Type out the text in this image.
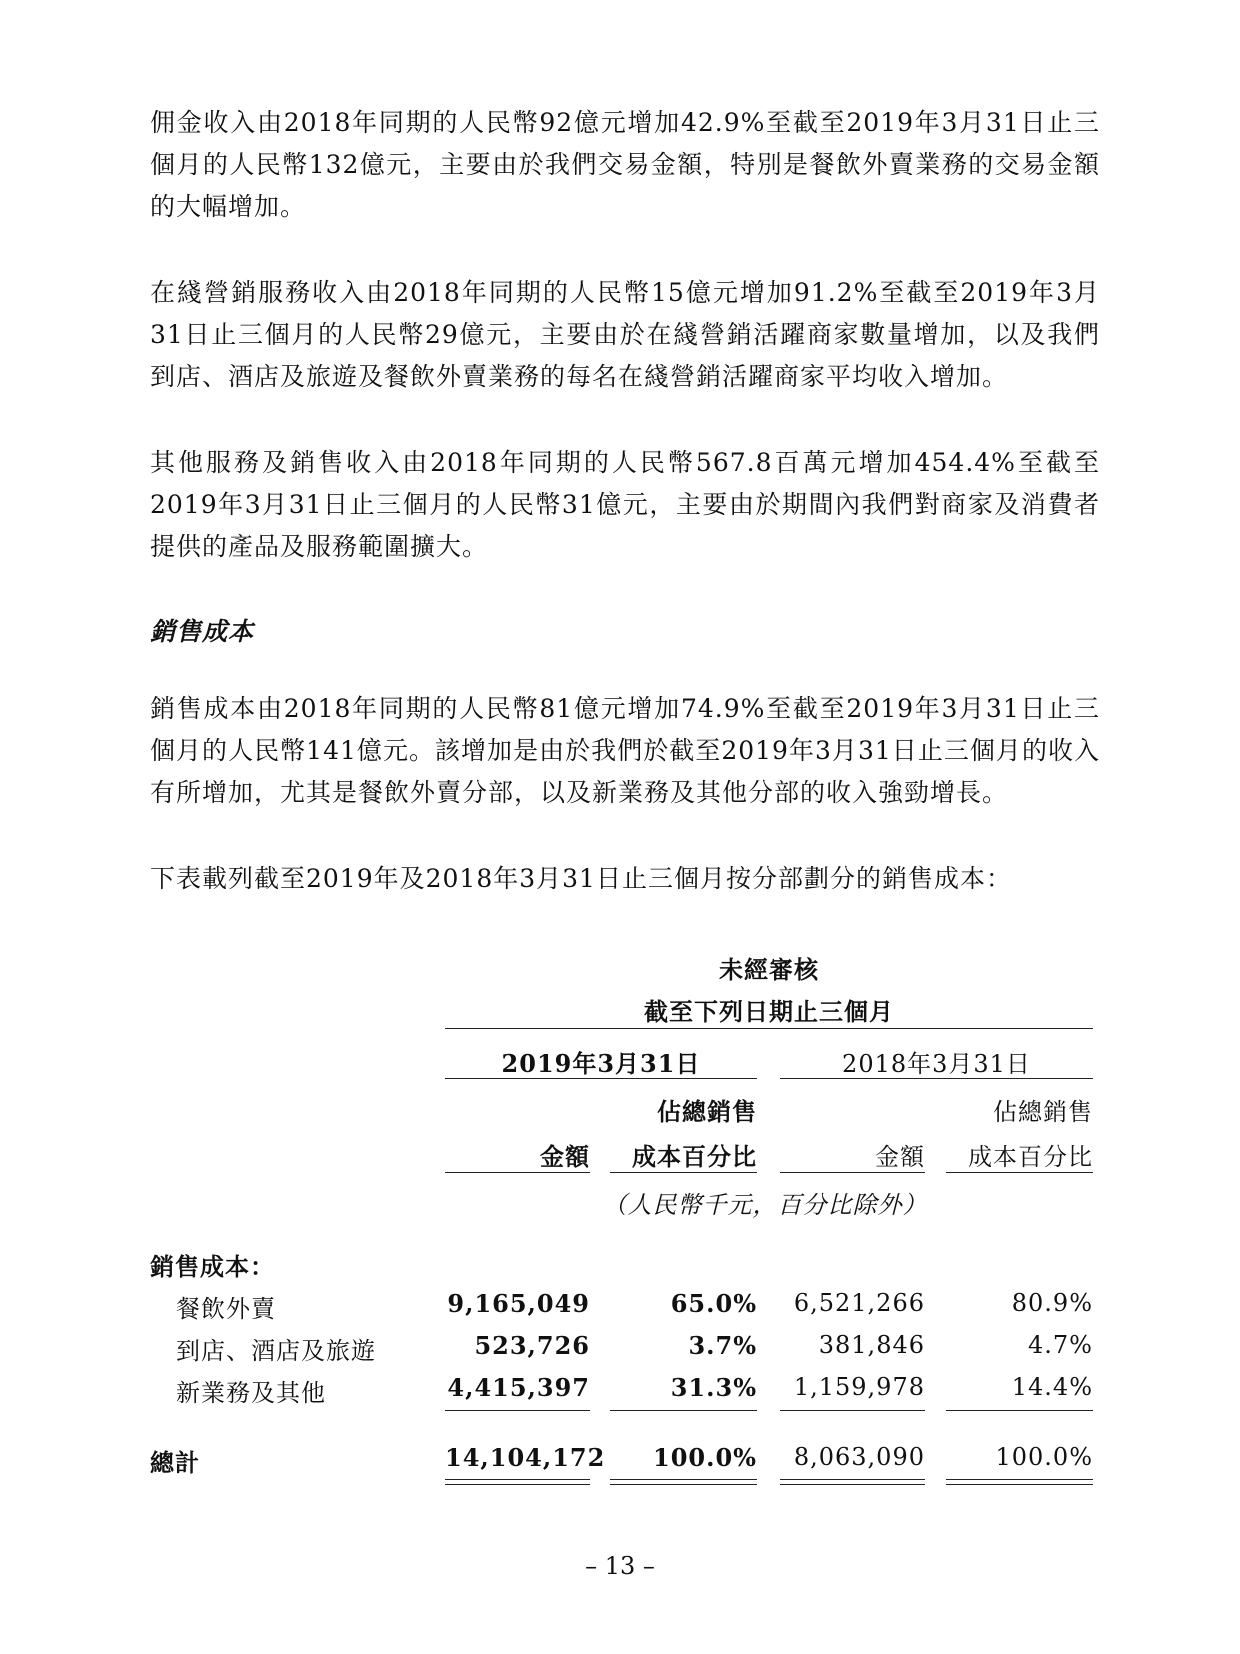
佣金收入由2018年同期的人民幣92億元增加42.9%至截至2019年3月31日止三個月的人民幣132億元，主要由於我們交易金額，特別是餐飲外賣業務的交易金額的大幅增加。

在綫營銷服務收入由2018年同期的人民幣15億元增加91.2%至截至2019年3月31日止三個月的人民幣29億元，主要由於在綫營銷活躍商家數量增加，以及我們到店、酒店及旅遊及餐飲外賣業務的每名在綫營銷活躍商家平均收入增加。

其他服務及銷售收入由2018年同期的人民幣567.8百萬元增加454.4%至截至2019年3月31日止三個月的人民幣31億元，主要由於期間內我們對商家及消費者提供的產品及服務範圍擴大。

銷售成本

銷售成本由2018年同期的人民幣81億元增加74.9%至截至2019年3月31日止三個月的人民幣141億元。該增加是由於我們於截至2019年3月31日止三個月的收入有所增加，尤其是餐飲外賣分部，以及新業務及其他分部的收入強勁增長。

下表載列截至2019年及2018年3月31日止三個月按分部劃分的銷售成本：

未經審核
截至下列日期止三個月
2019年3月31日	2018年3月31日
佔總銷售	佔總銷售
金額	成本百分比	金額	成本百分比
（人民幣千元，百分比除外）
銷售成本：
餐飲外賣	9,165,049	65.0%	6,521,266	80.9%
到店、酒店及旅遊	523,726	3.7%	381,846	4.7%
新業務及其他	4,415,397	31.3%	1,159,978	14.4%
總計	14,104,172	100.0%	8,063,090	100.0%
– 13 –
